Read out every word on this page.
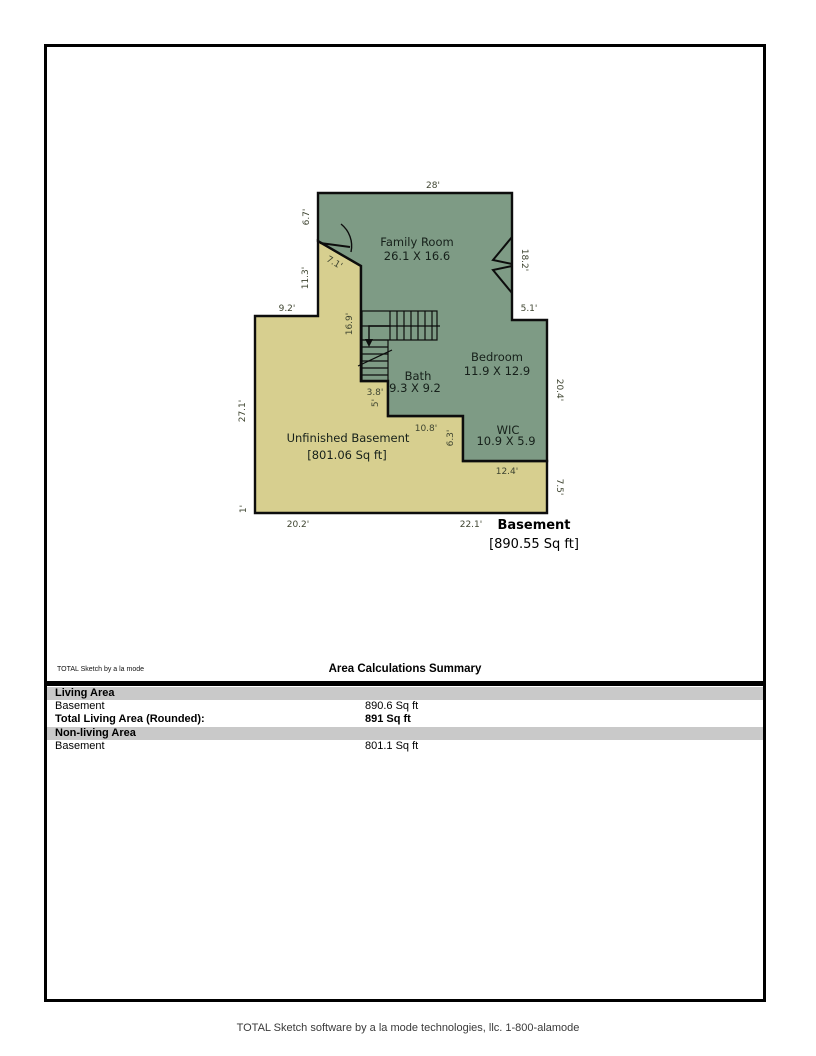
Family Room
26.1 X 16.6
Bedroom
11.9 X 12.9
Bath
9.3 X 9.2
WIC
10.9 X 5.9
Unfinished Basement
[801.06 Sq ft]
Basement
[890.55 Sq ft]
28'
6.7'
7.1'
11.3'
9.2'
16.9'
18.2'
5.1'
20.4'
27.1'
3.8'
5'
10.8'
6.3'
12.4'
7.5'
1'
20.2'	22.1'
TOTAL Sketch by a la mode	Area Calculations Summary
Living Area
Basement	890.6 Sq ft
Total Living Area (Rounded):	891 Sq ft
Non-living Area
Basement	801.1 Sq ft
TOTAL Sketch software by a la mode technologies, llc. 1-800-alamode
